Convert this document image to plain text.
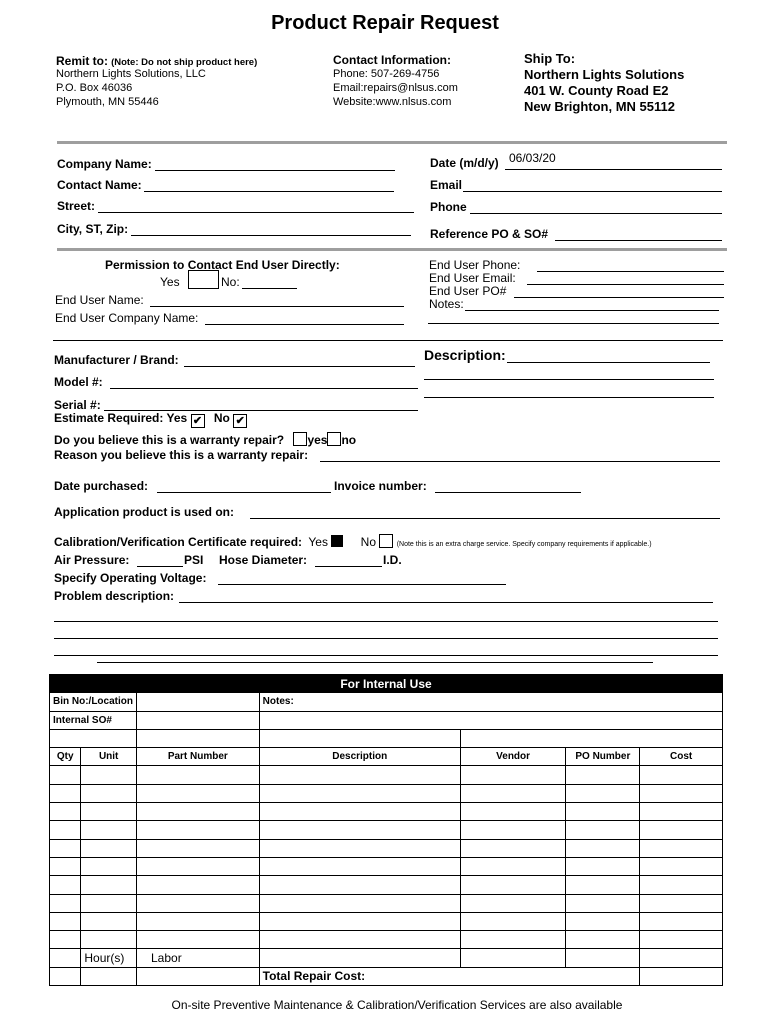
Product Repair Request
Remit to: (Note: Do not ship product here)
Northern Lights Solutions, LLC
P.O. Box 46036
Plymouth, MN 55446
Contact Information:
Phone: 507-269-4756
Email:repairs@nlsus.com
Website:www.nlsus.com
Ship To:
Northern Lights Solutions
401 W. County Road E2
New Brighton, MN 55112
Company Name:
Contact Name:
Street:
City, ST, Zip:
Date (m/d/y) 06/03/20
Email
Phone
Reference PO & SO#
Permission to Contact End User Directly:
Yes	No:
End User Name:
End User Company Name:
End User Phone:
End User Email:
End User PO#
Notes:
Manufacturer / Brand:
Model #:
Serial #:
Description:
Estimate Required: Yes ✔ No ✔
Do you believe this is a warranty repair? yes no
Reason you believe this is a warranty repair:
Date purchased:	Invoice number:
Application product is used on:
Calibration/Verification Certificate required: Yes	No	(Note this is an extra charge service. Specify company requirements if applicable.)
Air Pressure:	PSI Hose Diameter:	I.D.
Specify Operating Voltage:
Problem description:
For Internal Use						
Bin No:/Location			Notes:			
Internal SO#						

Qty	Unit	Part Number	Description	Vendor	PO Number	Cost

	Hour(s)	Labor				
			Total Repair Cost:			
On-site Preventive Maintenance & Calibration/Verification Services are also available
